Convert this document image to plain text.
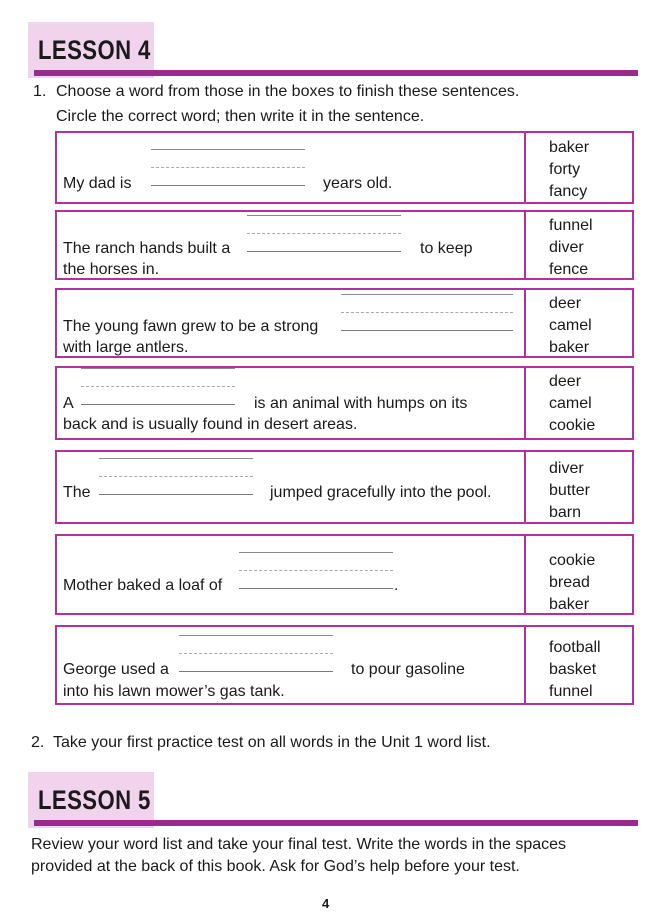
LESSON 4
1. Choose a word from those in the boxes to finish these sentences.
Circle the correct word; then write it in the sentence.
My dad is	years old.
baker
forty
fancy
The ranch hands built a	to keep
the horses in.
funnel
diver
fence
The young fawn grew to be a strong
with large antlers.
deer
camel
baker
A	is an animal with humps on its
back and is usually found in desert areas.
deer
camel
cookie
The	jumped gracefully into the pool.
diver
butter
barn
Mother baked a loaf of	.
cookie
bread
baker
George used a	to pour gasoline
into his lawn mower’s gas tank.
football
basket
funnel
2. Take your first practice test on all words in the Unit 1 word list.
LESSON 5
Review your word list and take your final test. Write the words in the spaces
provided at the back of this book. Ask for God’s help before your test.
4
